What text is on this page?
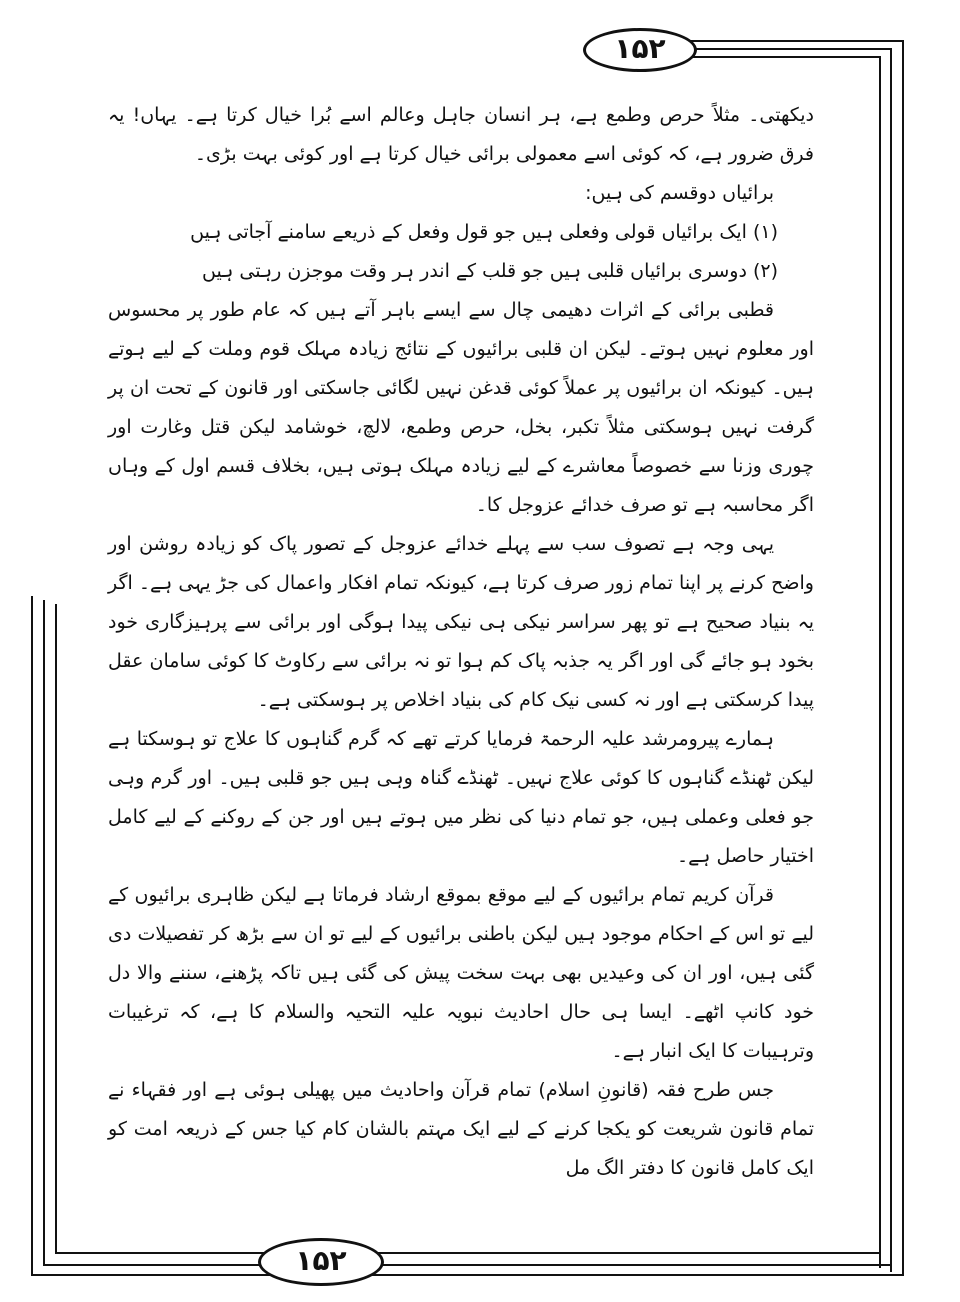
۱۵۲
۱۵۲

دیکھتی۔ مثلاً حرص وطمع ہے، ہر انسان جاہل وعالم اسے بُرا خیال کرتا ہے۔ یہاں! یہ فرق ضرور ہے، کہ کوئی اسے معمولی برائی خیال کرتا ہے اور کوئی بہت بڑی۔

برائیاں دوقسم کی ہیں:

(۱) ایک برائیاں قولی وفعلی ہیں جو قول وفعل کے ذریعے سامنے آجاتی ہیں

(۲) دوسری برائیاں قلبی ہیں جو قلب کے اندر ہر وقت موجزن رہتی ہیں

قطبی برائی کے اثرات دھیمی چال سے ایسے باہر آتے ہیں کہ عام طور پر محسوس اور معلوم نہیں ہوتے۔ لیکن ان قلبی برائیوں کے نتائج زیادہ مہلک قوم وملت کے لیے ہوتے ہیں۔ کیونکہ ان برائیوں پر عملاً کوئی قدغن نہیں لگائی جاسکتی اور قانون کے تحت ان پر گرفت نہیں ہوسکتی مثلاً تکبر، بخل، حرص وطمع، لالچ، خوشامد لیکن قتل وغارت اور چوری وزنا سے خصوصاً معاشرے کے لیے زیادہ مہلک ہوتی ہیں، بخلاف قسم اول کے وہاں اگر محاسبہ ہے تو صرف خدائے عزوجل کا۔

یہی وجہ ہے تصوف سب سے پہلے خدائے عزوجل کے تصور پاک کو زیادہ روشن اور واضح کرنے پر اپنا تمام زور صرف کرتا ہے، کیونکہ تمام افکار واعمال کی جڑ یہی ہے۔ اگر یہ بنیاد صحیح ہے تو پھر سراسر نیکی ہی نیکی پیدا ہوگی اور برائی سے پرہیزگاری خود بخود ہو جائے گی اور اگر یہ جذبہ پاک کم ہوا تو نہ برائی سے رکاوٹ کا کوئی سامان عقل پیدا کرسکتی ہے اور نہ کسی نیک کام کی بنیاد اخلاص پر ہوسکتی ہے۔

ہمارے پیرومرشد علیہ الرحمۃ فرمایا کرتے تھے کہ گرم گناہوں کا علاج تو ہوسکتا ہے لیکن ٹھنڈے گناہوں کا کوئی علاج نہیں۔ ٹھنڈے گناہ وہی ہیں جو قلبی ہیں۔ اور گرم وہی جو فعلی وعملی ہیں، جو تمام دنیا کی نظر میں ہوتے ہیں اور جن کے روکنے کے لیے کامل اختیار حاصل ہے۔

قرآن کریم تمام برائیوں کے لیے موقع بموقع ارشاد فرماتا ہے لیکن ظاہری برائیوں کے لیے تو اس کے احکام موجود ہیں لیکن باطنی برائیوں کے لیے تو ان سے بڑھ کر تفصیلات دی گئی ہیں، اور ان کی وعیدیں بھی بہت سخت پیش کی گئی ہیں تاکہ پڑھنے، سننے والا دل خود کانپ اٹھے۔ ایسا ہی حال احادیث نبویہ علیہ التحیہ والسلام کا ہے، کہ ترغیبات وترہیبات کا ایک انبار ہے۔

جس طرح فقہ (قانونِ اسلام) تمام قرآن واحادیث میں پھیلی ہوئی ہے اور فقہاء نے تمام قانون شریعت کو یکجا کرنے کے لیے ایک مہتم بالشان کام کیا جس کے ذریعہ امت کو ایک کامل قانون کا دفتر الگ مل
